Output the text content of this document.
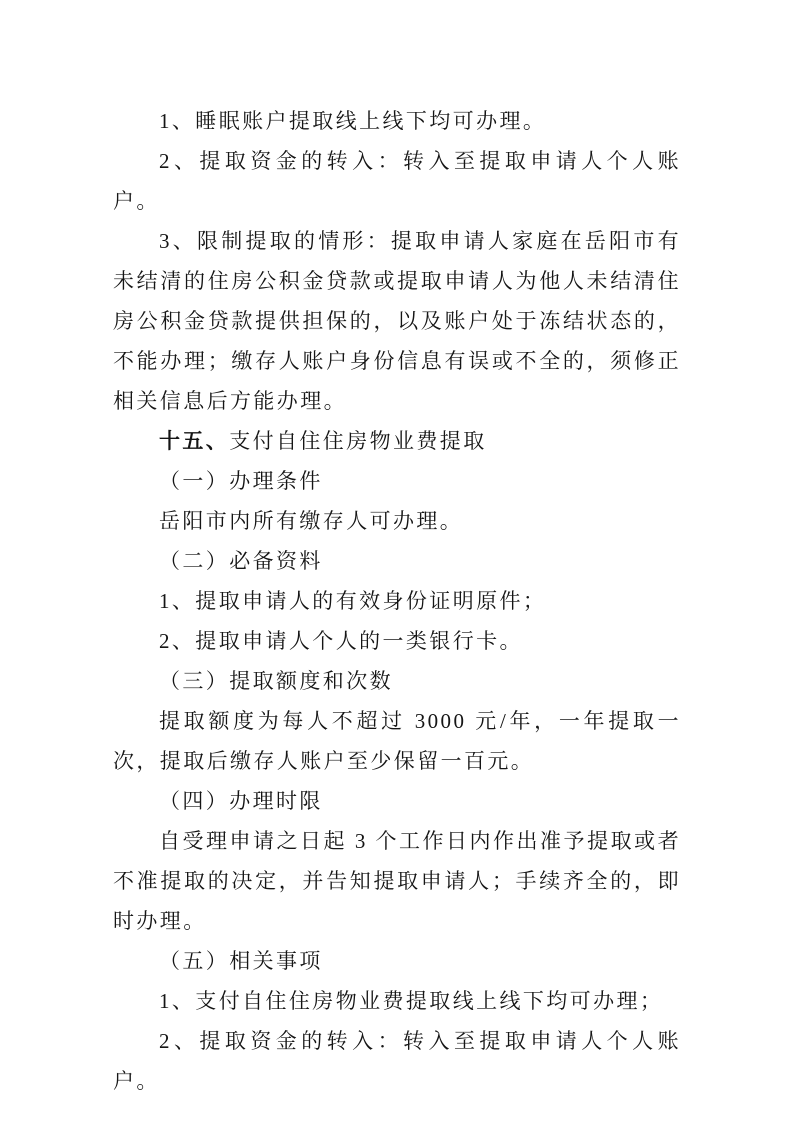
1、睡眠账户提取线上线下均可办理。

2、提取资金的转入：转入至提取申请人个人账户。

3、限制提取的情形：提取申请人家庭在岳阳市有未结清的住房公积金贷款或提取申请人为他人未结清住房公积金贷款提供担保的，以及账户处于冻结状态的，不能办理；缴存人账户身份信息有误或不全的，须修正相关信息后方能办理。

十五、支付自住住房物业费提取

（一）办理条件

岳阳市内所有缴存人可办理。

（二）必备资料

1、提取申请人的有效身份证明原件；

2、提取申请人个人的一类银行卡。

（三）提取额度和次数

提取额度为每人不超过 3000 元/年，一年提取一次，提取后缴存人账户至少保留一百元。

（四）办理时限

自受理申请之日起 3 个工作日内作出准予提取或者不准提取的决定，并告知提取申请人；手续齐全的，即时办理。

（五）相关事项

1、支付自住住房物业费提取线上线下均可办理；

2、提取资金的转入：转入至提取申请人个人账户。
